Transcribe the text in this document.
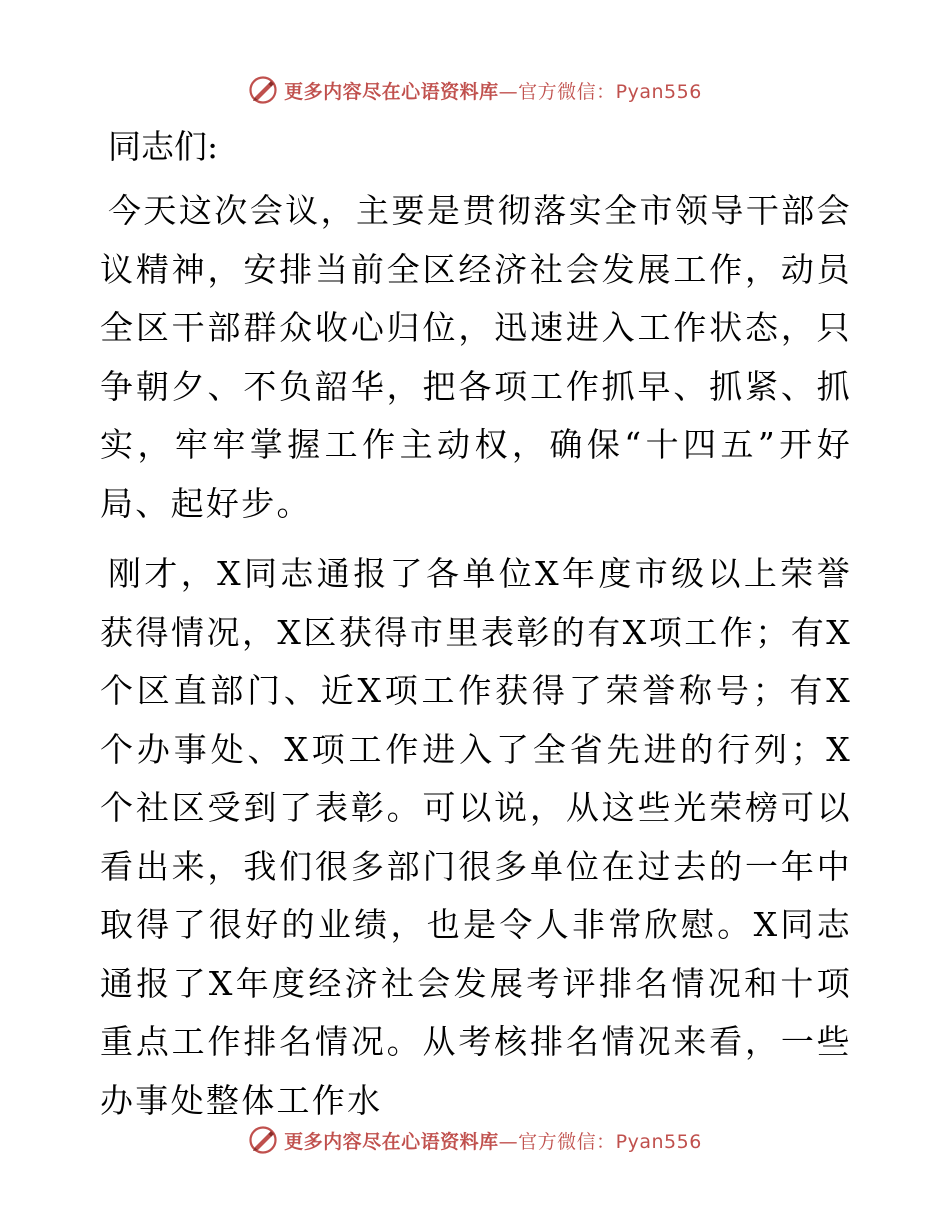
更多内容尽在心语资料库—官方微信：Pyan556
同志们:

今天这次会议，主要是贯彻落实全市领导干部会议精神，安排当前全区经济社会发展工作，动员全区干部群众收心归位，迅速进入工作状态，只争朝夕、不负韶华，把各项工作抓早、抓紧、抓实，牢牢掌握工作主动权，确保“十四五”开好局、起好步。

刚才，X同志通报了各单位X年度市级以上荣誉获得情况，X区获得市里表彰的有X项工作；有X个区直部门、近X项工作获得了荣誉称号；有X个办事处、X项工作进入了全省先进的行列；X个社区受到了表彰。可以说，从这些光荣榜可以看出来，我们很多部门很多单位在过去的一年中取得了很好的业绩，也是令人非常欣慰。X同志通报了X年度经济社会发展考评排名情况和十项重点工作排名情况。从考核排名情况来看，一些办事处整体工作水

更多内容尽在心语资料库—官方微信：Pyan556
